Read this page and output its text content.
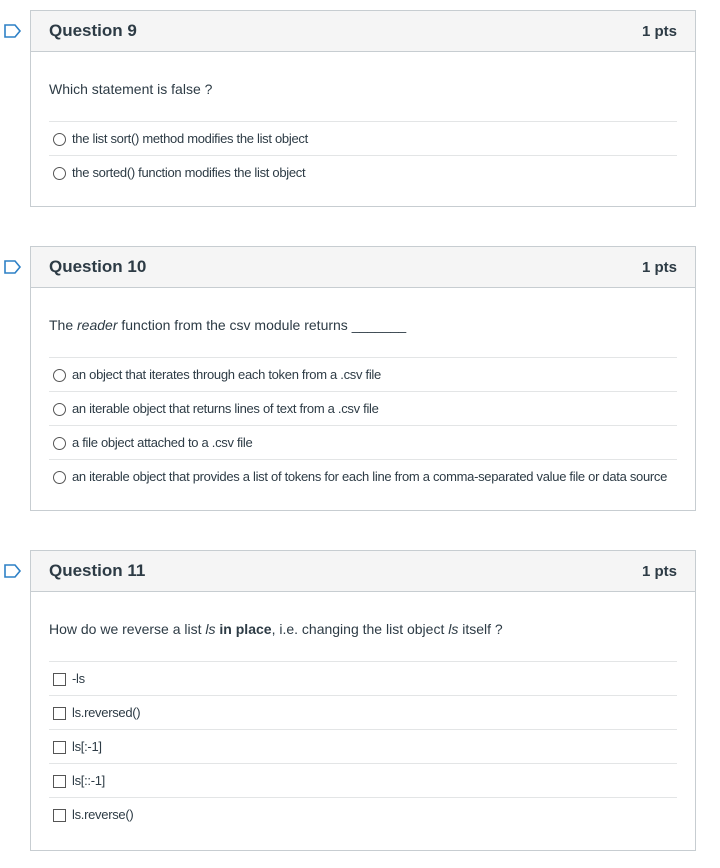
Question 9	1 pts
Which statement is false ?
the list sort() method modifies the list object
the sorted() function modifies the list object
Question 10	1 pts
The reader function from the csv module returns _______
an object that iterates through each token from a .csv file
an iterable object that returns lines of text from a .csv file
a file object attached to a .csv file
an iterable object that provides a list of tokens for each line from a comma-separated value file or data source
Question 11	1 pts
How do we reverse a list ls in place, i.e. changing the list object ls itself ?
-ls
ls.reversed()
ls[:-1]
ls[::-1]
ls.reverse()
